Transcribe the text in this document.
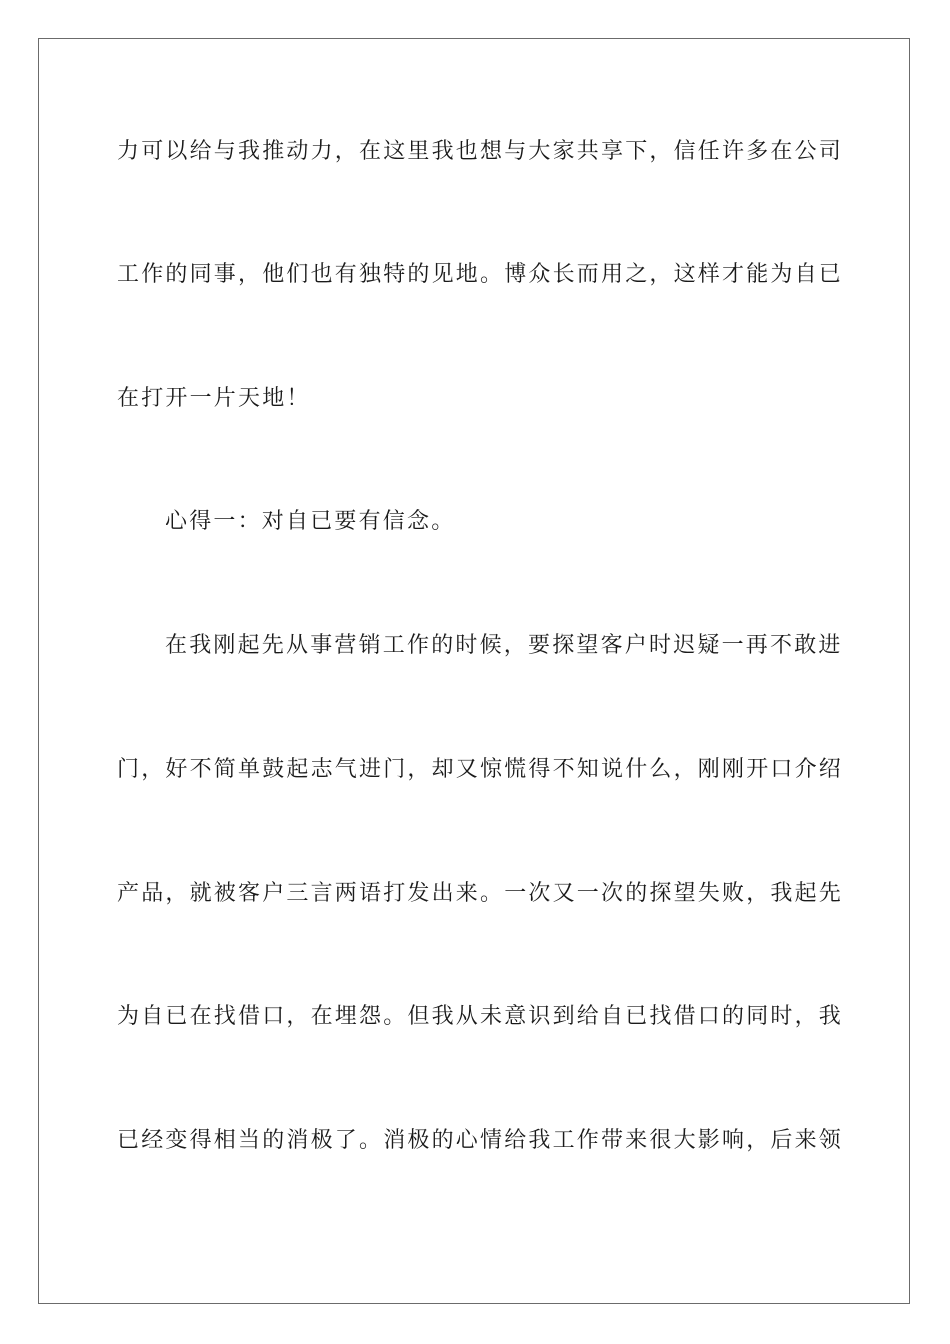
力可以给与我推动力，在这里我也想与大家共享下，信任许多在公司
工作的同事，他们也有独特的见地。博众长而用之，这样才能为自已
在打开一片天地！
心得一：对自已要有信念。
在我刚起先从事营销工作的时候，要探望客户时迟疑一再不敢进
门，好不简单鼓起志气进门，却又惊慌得不知说什么，刚刚开口介绍
产品，就被客户三言两语打发出来。一次又一次的探望失败，我起先
为自已在找借口，在埋怨。但我从未意识到给自已找借口的同时，我
已经变得相当的消极了。消极的心情给我工作带来很大影响，后来领
